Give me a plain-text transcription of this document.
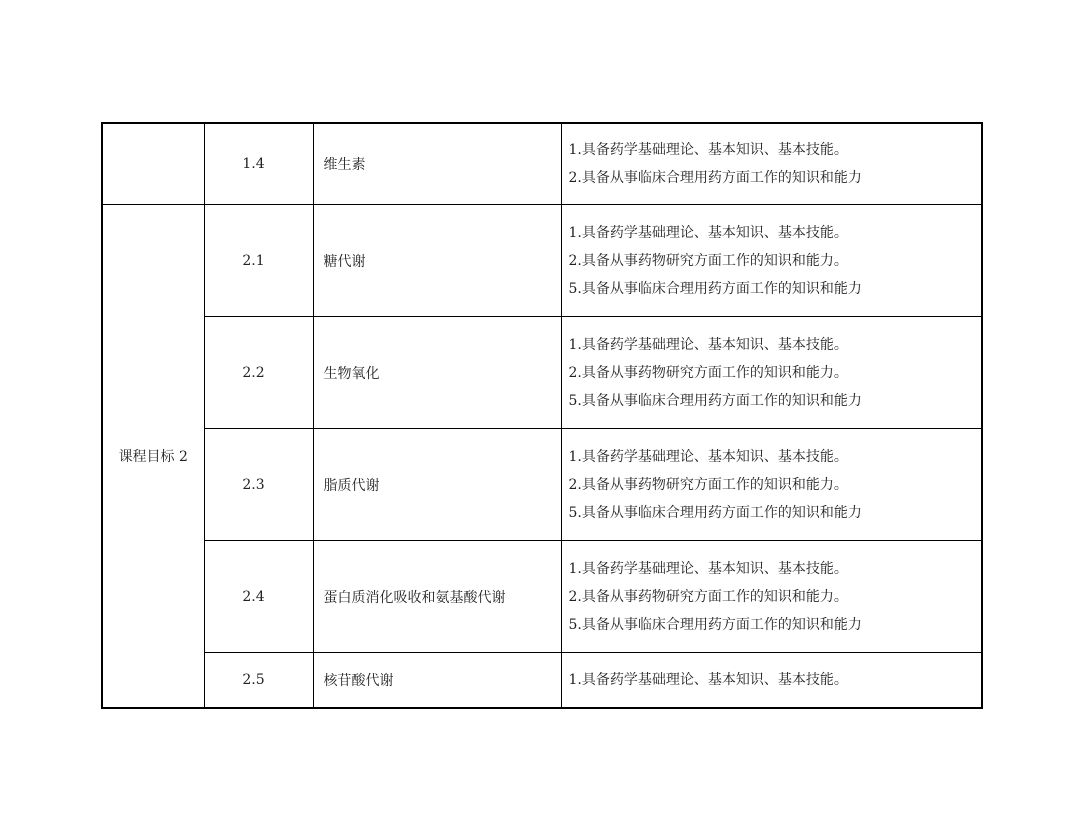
	1.4	维生素	1.具备药学基础理论、基本知识、基本技能。
2.具备从事临床合理用药方面工作的知识和能力

课程目标 2	2.1	糖代谢	1.具备药学基础理论、基本知识、基本技能。
2.具备从事药物研究方面工作的知识和能力。
5.具备从事临床合理用药方面工作的知识和能力

	2.2	生物氧化	1.具备药学基础理论、基本知识、基本技能。
2.具备从事药物研究方面工作的知识和能力。
5.具备从事临床合理用药方面工作的知识和能力

	2.3	脂质代谢	1.具备药学基础理论、基本知识、基本技能。
2.具备从事药物研究方面工作的知识和能力。
5.具备从事临床合理用药方面工作的知识和能力

	2.4	蛋白质消化吸收和氨基酸代谢	1.具备药学基础理论、基本知识、基本技能。
2.具备从事药物研究方面工作的知识和能力。
5.具备从事临床合理用药方面工作的知识和能力

	2.5	核苷酸代谢	1.具备药学基础理论、基本知识、基本技能。
